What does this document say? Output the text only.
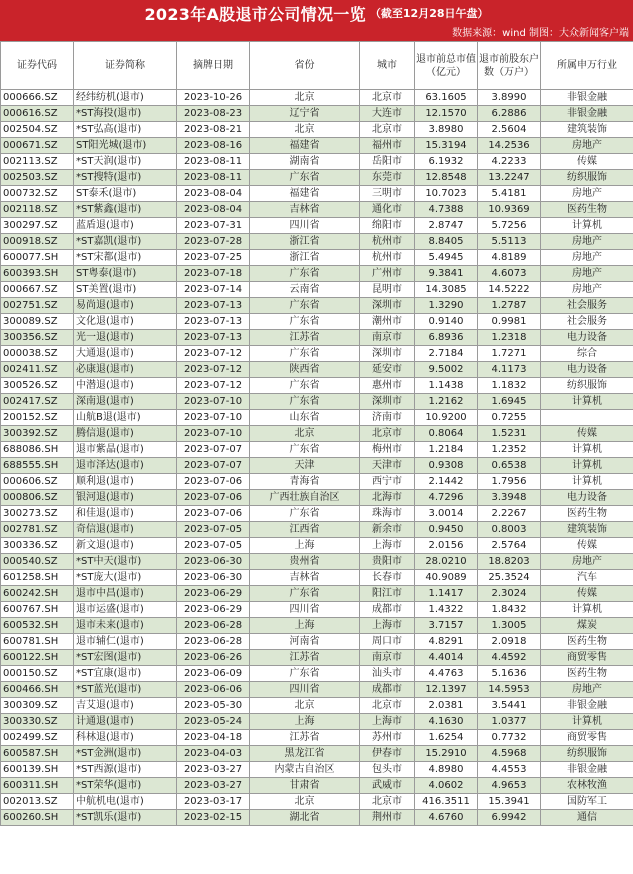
2023年A股退市公司情况一览 （截至12月28日午盘）
数据来源：wind 制图：大众新闻客户端
证券代码	证券简称	摘牌日期	省份	城市	退市前总市值（亿元）	退市前股东户数（万户）	所属申万行业
000666.SZ	经纬纺机(退市)	2023-10-26	北京	北京市	63.1605	3.8990	非银金融
000616.SZ	*ST海投(退市)	2023-08-23	辽宁省	大连市	12.1570	6.2886	非银金融
002504.SZ	*ST弘高(退市)	2023-08-21	北京	北京市	3.8980	2.5604	建筑装饰
000671.SZ	ST阳光城(退市)	2023-08-16	福建省	福州市	15.3194	14.2536	房地产
002113.SZ	*ST天润(退市)	2023-08-11	湖南省	岳阳市	6.1932	4.2233	传媒
002503.SZ	*ST搜特(退市)	2023-08-11	广东省	东莞市	12.8548	13.2247	纺织服饰
000732.SZ	ST泰禾(退市)	2023-08-04	福建省	三明市	10.7023	5.4181	房地产
002118.SZ	*ST紫鑫(退市)	2023-08-04	吉林省	通化市	4.7388	10.9369	医药生物
300297.SZ	蓝盾退(退市)	2023-07-31	四川省	绵阳市	2.8747	5.7256	计算机
000918.SZ	*ST嘉凯(退市)	2023-07-28	浙江省	杭州市	8.8405	5.5113	房地产
600077.SH	*ST宋都(退市)	2023-07-25	浙江省	杭州市	5.4945	4.8189	房地产
600393.SH	ST粤泰(退市)	2023-07-18	广东省	广州市	9.3841	4.6073	房地产
000667.SZ	ST美置(退市)	2023-07-14	云南省	昆明市	14.3085	14.5222	房地产
002751.SZ	易尚退(退市)	2023-07-13	广东省	深圳市	1.3290	1.2787	社会服务
300089.SZ	文化退(退市)	2023-07-13	广东省	潮州市	0.9140	0.9981	社会服务
300356.SZ	光一退(退市)	2023-07-13	江苏省	南京市	6.8936	1.2318	电力设备
000038.SZ	大通退(退市)	2023-07-12	广东省	深圳市	2.7184	1.7271	综合
002411.SZ	必康退(退市)	2023-07-12	陕西省	延安市	9.5002	4.1173	电力设备
300526.SZ	中潜退(退市)	2023-07-12	广东省	惠州市	1.1438	1.1832	纺织服饰
002417.SZ	深南退(退市)	2023-07-10	广东省	深圳市	1.2162	1.6945	计算机
200152.SZ	山航B退(退市)	2023-07-10	山东省	济南市	10.9200	0.7255	
300392.SZ	腾信退(退市)	2023-07-10	北京	北京市	0.8064	1.5231	传媒
688086.SH	退市紫晶(退市)	2023-07-07	广东省	梅州市	1.2184	1.2352	计算机
688555.SH	退市泽达(退市)	2023-07-07	天津	天津市	0.9308	0.6538	计算机
000606.SZ	顺利退(退市)	2023-07-06	青海省	西宁市	2.1442	1.7956	计算机
000806.SZ	银河退(退市)	2023-07-06	广西壮族自治区	北海市	4.7296	3.3948	电力设备
300273.SZ	和佳退(退市)	2023-07-06	广东省	珠海市	3.0014	2.2267	医药生物
002781.SZ	奇信退(退市)	2023-07-05	江西省	新余市	0.9450	0.8003	建筑装饰
300336.SZ	新文退(退市)	2023-07-05	上海	上海市	2.0156	2.5764	传媒
000540.SZ	*ST中天(退市)	2023-06-30	贵州省	贵阳市	28.0210	18.8203	房地产
601258.SH	*ST庞大(退市)	2023-06-30	吉林省	长春市	40.9089	25.3524	汽车
600242.SH	退市中昌(退市)	2023-06-29	广东省	阳江市	1.1417	2.3024	传媒
600767.SH	退市运盛(退市)	2023-06-29	四川省	成都市	1.4322	1.8432	计算机
600532.SH	退市未来(退市)	2023-06-28	上海	上海市	3.7157	1.3005	煤炭
600781.SH	退市辅仁(退市)	2023-06-28	河南省	周口市	4.8291	2.0918	医药生物
600122.SH	*ST宏图(退市)	2023-06-26	江苏省	南京市	4.4014	4.4592	商贸零售
000150.SZ	*ST宜康(退市)	2023-06-09	广东省	汕头市	4.4763	5.1636	医药生物
600466.SH	*ST蓝光(退市)	2023-06-06	四川省	成都市	12.1397	14.5953	房地产
300309.SZ	吉艾退(退市)	2023-05-30	北京	北京市	2.0381	3.5441	非银金融
300330.SZ	计通退(退市)	2023-05-24	上海	上海市	4.1630	1.0377	计算机
002499.SZ	科林退(退市)	2023-04-18	江苏省	苏州市	1.6254	0.7732	商贸零售
600587.SH	*ST金洲(退市)	2023-04-03	黑龙江省	伊春市	15.2910	4.5968	纺织服饰
600139.SH	*ST西源(退市)	2023-03-27	内蒙古自治区	包头市	4.8980	4.4553	非银金融
600311.SH	*ST荣华(退市)	2023-03-27	甘肃省	武威市	4.0602	4.9653	农林牧渔
002013.SZ	中航机电(退市)	2023-03-17	北京	北京市	416.3511	15.3941	国防军工
600260.SH	*ST凯乐(退市)	2023-02-15	湖北省	荆州市	4.6760	6.9942	通信
